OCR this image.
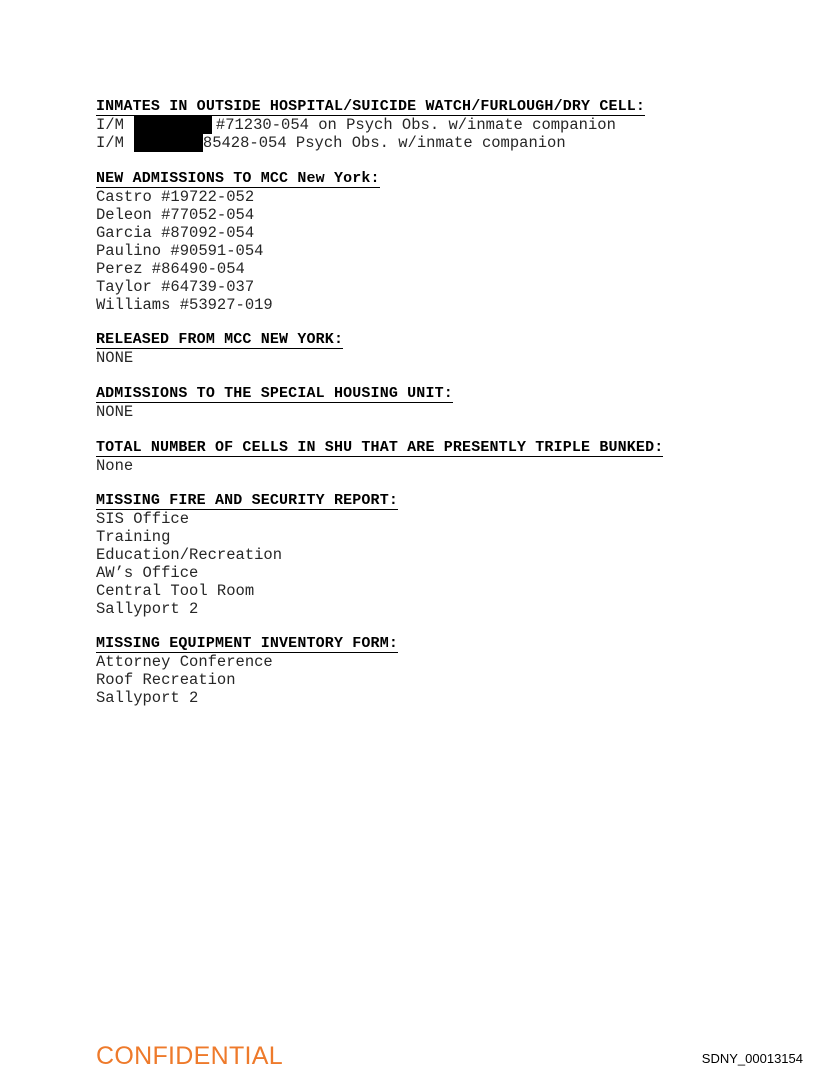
INMATES IN OUTSIDE HOSPITAL/SUICIDE WATCH/FURLOUGH/DRY CELL:
I/M	#71230-054 on Psych Obs. w/inmate companion
I/M	85428-054 Psych Obs. w/inmate companion
NEW ADMISSIONS TO MCC New York:
Castro #19722-052
Deleon #77052-054
Garcia #87092-054
Paulino #90591-054
Perez #86490-054
Taylor #64739-037
Williams #53927-019
RELEASED FROM MCC NEW YORK:
NONE
ADMISSIONS TO THE SPECIAL HOUSING UNIT:
NONE
TOTAL NUMBER OF CELLS IN SHU THAT ARE PRESENTLY TRIPLE BUNKED:
None
MISSING FIRE AND SECURITY REPORT:
SIS Office
Training
Education/Recreation
AW’s Office
Central Tool Room
Sallyport 2
MISSING EQUIPMENT INVENTORY FORM:
Attorney Conference
Roof Recreation
Sallyport 2
CONFIDENTIAL	SDNY_00013154
